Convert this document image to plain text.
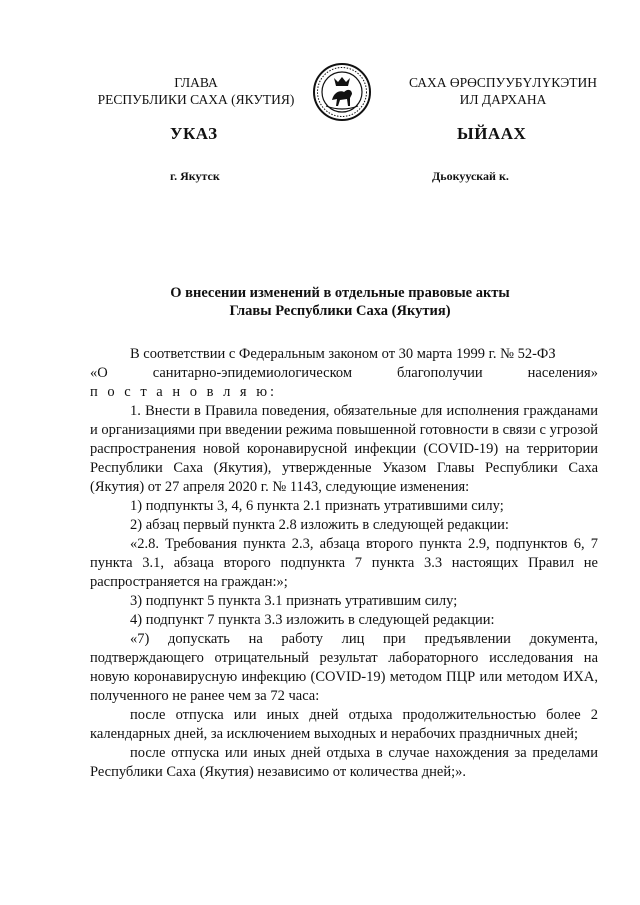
ГЛАВА
РЕСПУБЛИКИ САХА (ЯКУТИЯ)
САХА ӨРӨСПУУБҮЛҮКЭТИН
ИЛ ДАРХАНА
УКАЗ	ЫЙААХ
г. Якутск	Дьокуускай к.
О внесении изменений в отдельные правовые акты
Главы Республики Саха (Якутия)

В соответствии с Федеральным законом от 30 марта 1999 г. № 52-ФЗ

«О	санитарно-эпидемиологическом	благополучии	населения»

п о с т а н о в л я ю:

1. Внести в Правила поведения, обязательные для исполнения гражданами и организациями при введении режима повышенной готовности в связи с угрозой распространения новой коронавирусной инфекции (COVID-19) на территории Республики Саха (Якутия), утвержденные Указом Главы Республики Саха (Якутия) от 27 апреля 2020 г. № 1143, следующие изменения:

1) подпункты 3, 4, 6 пункта 2.1 признать утратившими силу;

2) абзац первый пункта 2.8 изложить в следующей редакции:

«2.8. Требования пункта 2.3, абзаца второго пункта 2.9, подпунктов 6, 7 пункта 3.1, абзаца второго подпункта 7 пункта 3.3 настоящих Правил не распространяется на граждан:»;

3) подпункт 5 пункта 3.1 признать утратившим силу;

4) подпункт 7 пункта 3.3 изложить в следующей редакции:

«7) допускать на работу лиц при предъявлении документа, подтверждающего отрицательный результат лабораторного исследования на новую коронавирусную инфекцию (COVID-19) методом ПЦР или методом ИХА, полученного не ранее чем за 72 часа:

после отпуска или иных дней отдыха продолжительностью более 2 календарных дней, за исключением выходных и нерабочих праздничных дней;

после отпуска или иных дней отдыха в случае нахождения за пределами Республики Саха (Якутия) независимо от количества дней;».
